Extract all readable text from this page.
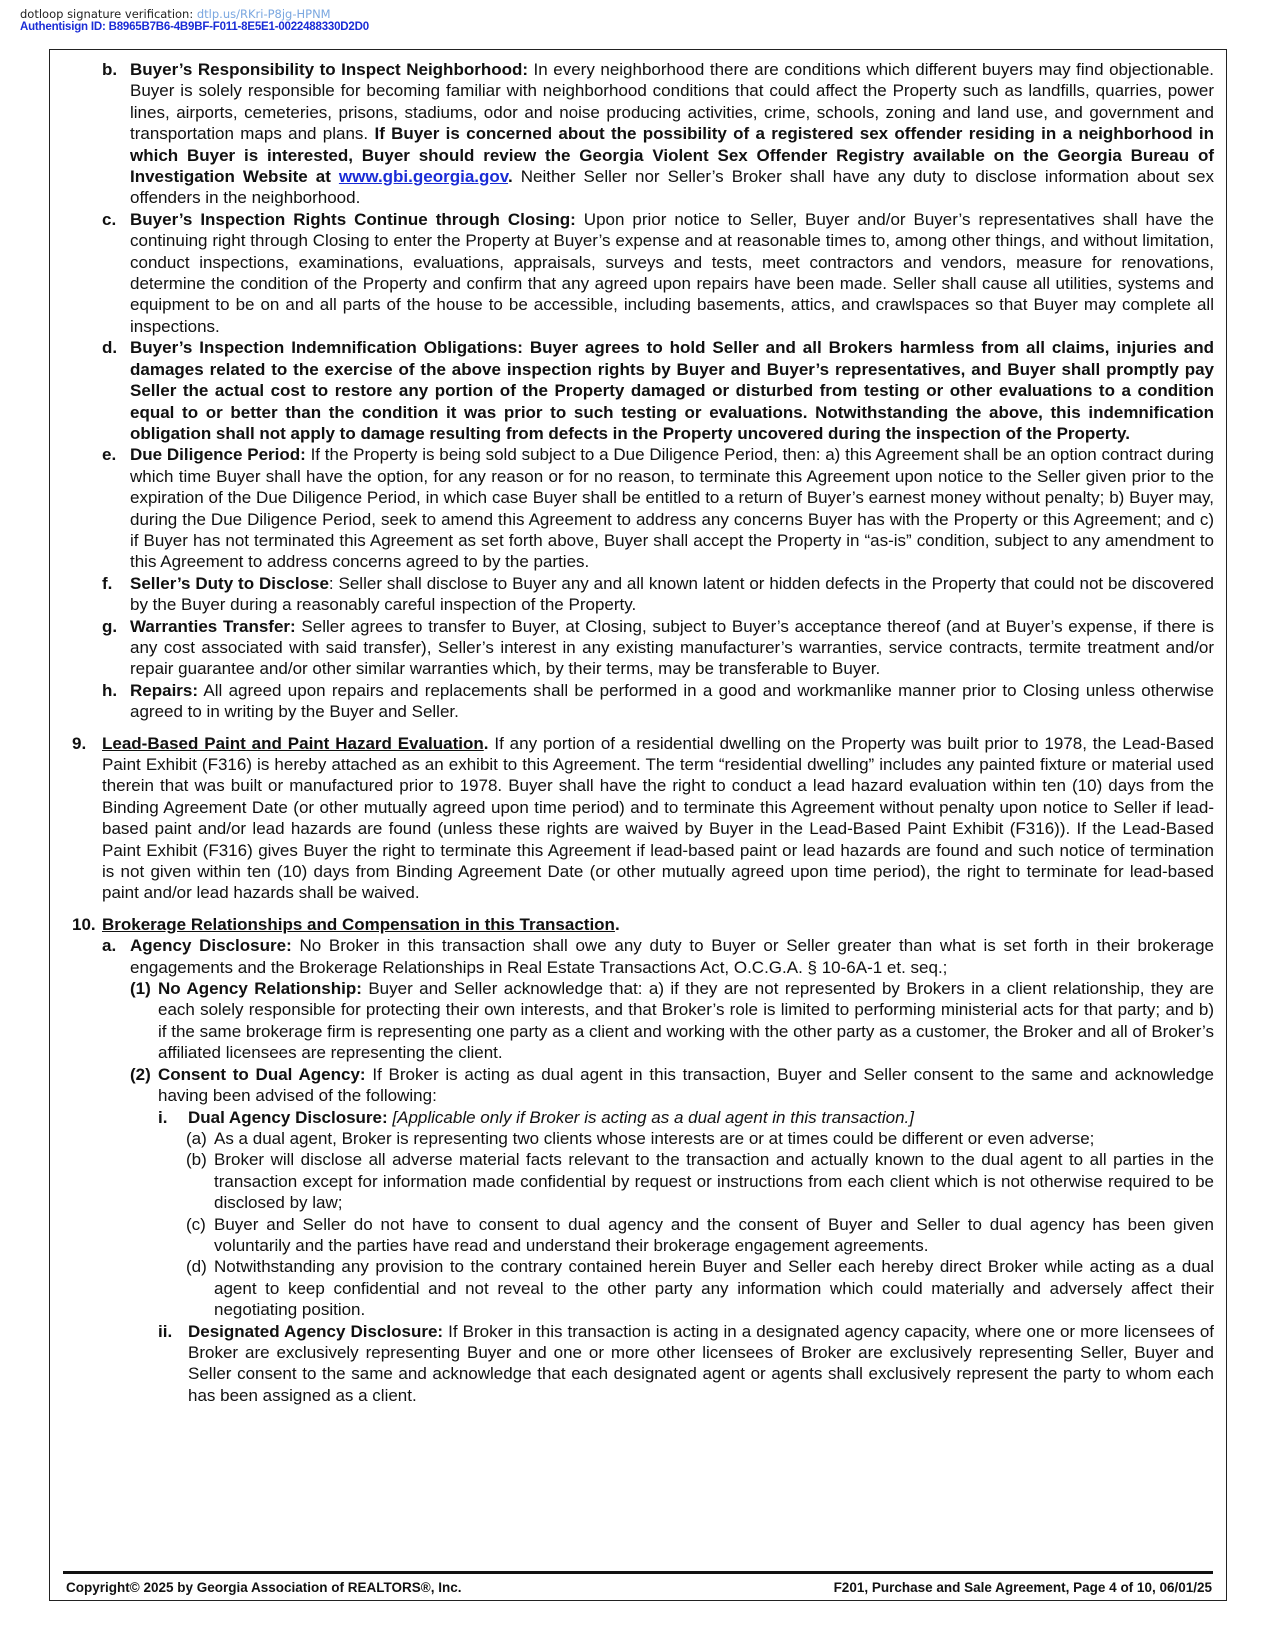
dotloop signature verification: dtlp.us/RKri-P8jg-HPNM
Authentisign ID: B8965B7B6-4B9BF-F011-8E5E1-0022488330D2D0
b. Buyer’s Responsibility to Inspect Neighborhood: In every neighborhood there are conditions which different buyers may find objectionable. Buyer is solely responsible for becoming familiar with neighborhood conditions that could affect the Property such as landfills, quarries, power lines, airports, cemeteries, prisons, stadiums, odor and noise producing activities, crime, schools, zoning and land use, and government and transportation maps and plans. If Buyer is concerned about the possibility of a registered sex offender residing in a neighborhood in which Buyer is interested, Buyer should review the Georgia Violent Sex Offender Registry available on the Georgia Bureau of Investigation Website at www.gbi.georgia.gov. Neither Seller nor Seller’s Broker shall have any duty to disclose information about sex offenders in the neighborhood.
c. Buyer’s Inspection Rights Continue through Closing: Upon prior notice to Seller, Buyer and/or Buyer’s representatives shall have the continuing right through Closing to enter the Property at Buyer’s expense and at reasonable times to, among other things, and without limitation, conduct inspections, examinations, evaluations, appraisals, surveys and tests, meet contractors and vendors, measure for renovations, determine the condition of the Property and confirm that any agreed upon repairs have been made. Seller shall cause all utilities, systems and equipment to be on and all parts of the house to be accessible, including basements, attics, and crawlspaces so that Buyer may complete all inspections.
d. Buyer’s Inspection Indemnification Obligations: Buyer agrees to hold Seller and all Brokers harmless from all claims, injuries and damages related to the exercise of the above inspection rights by Buyer and Buyer’s representatives, and Buyer shall promptly pay Seller the actual cost to restore any portion of the Property damaged or disturbed from testing or other evaluations to a condition equal to or better than the condition it was prior to such testing or evaluations. Notwithstanding the above, this indemnification obligation shall not apply to damage resulting from defects in the Property uncovered during the inspection of the Property.
e. Due Diligence Period: If the Property is being sold subject to a Due Diligence Period, then: a) this Agreement shall be an option contract during which time Buyer shall have the option, for any reason or for no reason, to terminate this Agreement upon notice to the Seller given prior to the expiration of the Due Diligence Period, in which case Buyer shall be entitled to a return of Buyer’s earnest money without penalty; b) Buyer may, during the Due Diligence Period, seek to amend this Agreement to address any concerns Buyer has with the Property or this Agreement; and c) if Buyer has not terminated this Agreement as set forth above, Buyer shall accept the Property in “as-is” condition, subject to any amendment to this Agreement to address concerns agreed to by the parties.
f.	Seller’s Duty to Disclose: Seller shall disclose to Buyer any and all known latent or hidden defects in the Property that could not be discovered by the Buyer during a reasonably careful inspection of the Property.
g. Warranties Transfer: Seller agrees to transfer to Buyer, at Closing, subject to Buyer’s acceptance thereof (and at Buyer’s expense, if there is any cost associated with said transfer), Seller’s interest in any existing manufacturer’s warranties, service contracts, termite treatment and/or repair guarantee and/or other similar warranties which, by their terms, may be transferable to Buyer.
h. Repairs: All agreed upon repairs and replacements shall be performed in a good and workmanlike manner prior to Closing unless otherwise agreed to in writing by the Buyer and Seller.
9. Lead-Based Paint and Paint Hazard Evaluation. If any portion of a residential dwelling on the Property was built prior to 1978, the Lead-Based Paint Exhibit (F316) is hereby attached as an exhibit to this Agreement. The term “residential dwelling” includes any painted fixture or material used therein that was built or manufactured prior to 1978. Buyer shall have the right to conduct a lead hazard evaluation within ten (10) days from the Binding Agreement Date (or other mutually agreed upon time period) and to terminate this Agreement without penalty upon notice to Seller if lead-based paint and/or lead hazards are found (unless these rights are waived by Buyer in the Lead-Based Paint Exhibit (F316)). If the Lead-Based Paint Exhibit (F316) gives Buyer the right to terminate this Agreement if lead-based paint or lead hazards are found and such notice of termination is not given within ten (10) days from Binding Agreement Date (or other mutually agreed upon time period), the right to terminate for lead-based paint and/or lead hazards shall be waived.
10. Brokerage Relationships and Compensation in this Transaction.
a. Agency Disclosure: No Broker in this transaction shall owe any duty to Buyer or Seller greater than what is set forth in their brokerage engagements and the Brokerage Relationships in Real Estate Transactions Act, O.C.G.A. § 10-6A-1 et. seq.;
(1) No Agency Relationship: Buyer and Seller acknowledge that: a) if they are not represented by Brokers in a client relationship, they are each solely responsible for protecting their own interests, and that Broker’s role is limited to performing ministerial acts for that party; and b) if the same brokerage firm is representing one party as a client and working with the other party as a customer, the Broker and all of Broker’s affiliated licensees are representing the client.
(2) Consent to Dual Agency: If Broker is acting as dual agent in this transaction, Buyer and Seller consent to the same and acknowledge having been advised of the following:
i.	Dual Agency Disclosure: [Applicable only if Broker is acting as a dual agent in this transaction.]
(a) As a dual agent, Broker is representing two clients whose interests are or at times could be different or even adverse;
(b) Broker will disclose all adverse material facts relevant to the transaction and actually known to the dual agent to all parties in the transaction except for information made confidential by request or instructions from each client which is not otherwise required to be disclosed by law;
(c) Buyer and Seller do not have to consent to dual agency and the consent of Buyer and Seller to dual agency has been given voluntarily and the parties have read and understand their brokerage engagement agreements.
(d) Notwithstanding any provision to the contrary contained herein Buyer and Seller each hereby direct Broker while acting as a dual agent to keep confidential and not reveal to the other party any information which could materially and adversely affect their negotiating position.
ii. Designated Agency Disclosure: If Broker in this transaction is acting in a designated agency capacity, where one or more licensees of Broker are exclusively representing Buyer and one or more other licensees of Broker are exclusively representing Seller, Buyer and Seller consent to the same and acknowledge that each designated agent or agents shall exclusively represent the party to whom each has been assigned as a client.
Copyright© 2025 by Georgia Association of REALTORS®, Inc.	F201, Purchase and Sale Agreement, Page 4 of 10, 06/01/25
